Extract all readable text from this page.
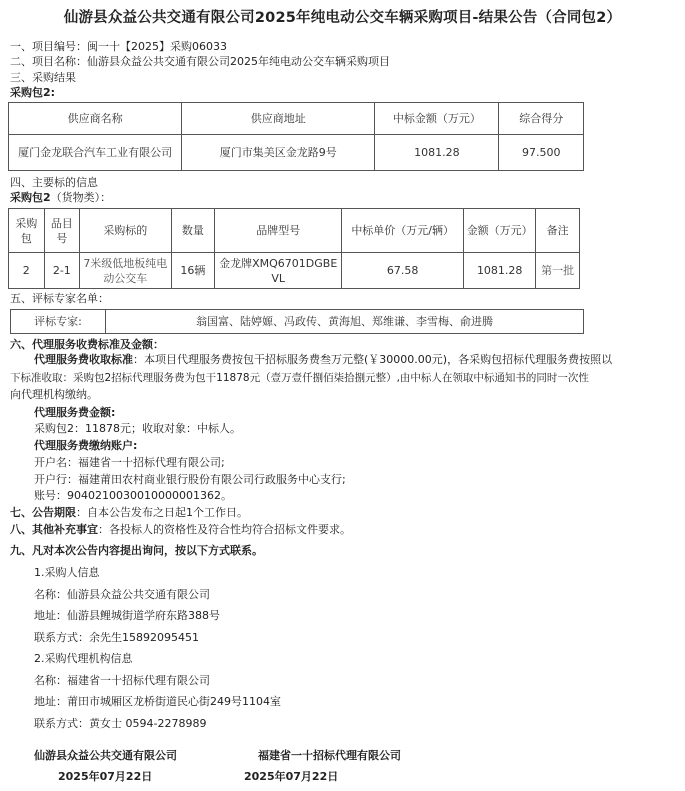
仙游县众益公共交通有限公司2025年纯电动公交车辆采购项目-结果公告（合同包2）
一、项目编号：闽一十【2025】采购06033
二、项目名称：仙游县众益公共交通有限公司2025年纯电动公交车辆采购项目
三、采购结果
采购包2:
供应商名称	供应商地址	中标金额（万元）	综合得分
厦门金龙联合汽车工业有限公司	厦门市集美区金龙路9号	1081.28	97.500
四、主要标的信息
采购包2（货物类）：
采购包	品目号	采购标的	数量	品牌型号	中标单价（万元/辆）	金额（万元）	备注
2	2-1	7米级低地板纯电动公交车	16辆	金龙牌XMQ6701DGBEVL	67.58	1081.28	第一批
五、评标专家名单：
评标专家:	翁国富、陆婷嫄、冯政传、黄海旭、郑维谦、李雪梅、俞进腾
六、代理服务收费标准及金额：
代理服务费收取标准：本项目代理服务费按包干招标服务费叁万元整(￥30000.00元)，各采购包招标代理服务费按照以
下标准收取：采购包2招标代理服务费为包干11878元（壹万壹仟捌佰柒拾捌元整）,由中标人在领取中标通知书的同时一次性
向代理机构缴纳。
代理服务费金额:
采购包2：11878元；收取对象：中标人。
代理服务费缴纳账户:
开户名：福建省一十招标代理有限公司;
开户行：福建莆田农村商业银行股份有限公司行政服务中心支行;
账号：9040210030010000001362。
七、公告期限：自本公告发布之日起1个工作日。
八、其他补充事宜：各投标人的资格性及符合性均符合招标文件要求。
九、凡对本次公告内容提出询问，按以下方式联系。
1.采购人信息
名称：仙游县众益公共交通有限公司
地址：仙游县鲤城街道学府东路388号
联系方式：余先生15892095451
2.采购代理机构信息
名称：福建省一十招标代理有限公司
地址：莆田市城厢区龙桥街道民心街249号1104室
联系方式：黄女士 0594-2278989
仙游县众益公共交通有限公司	福建省一十招标代理有限公司
2025年07月22日	2025年07月22日
